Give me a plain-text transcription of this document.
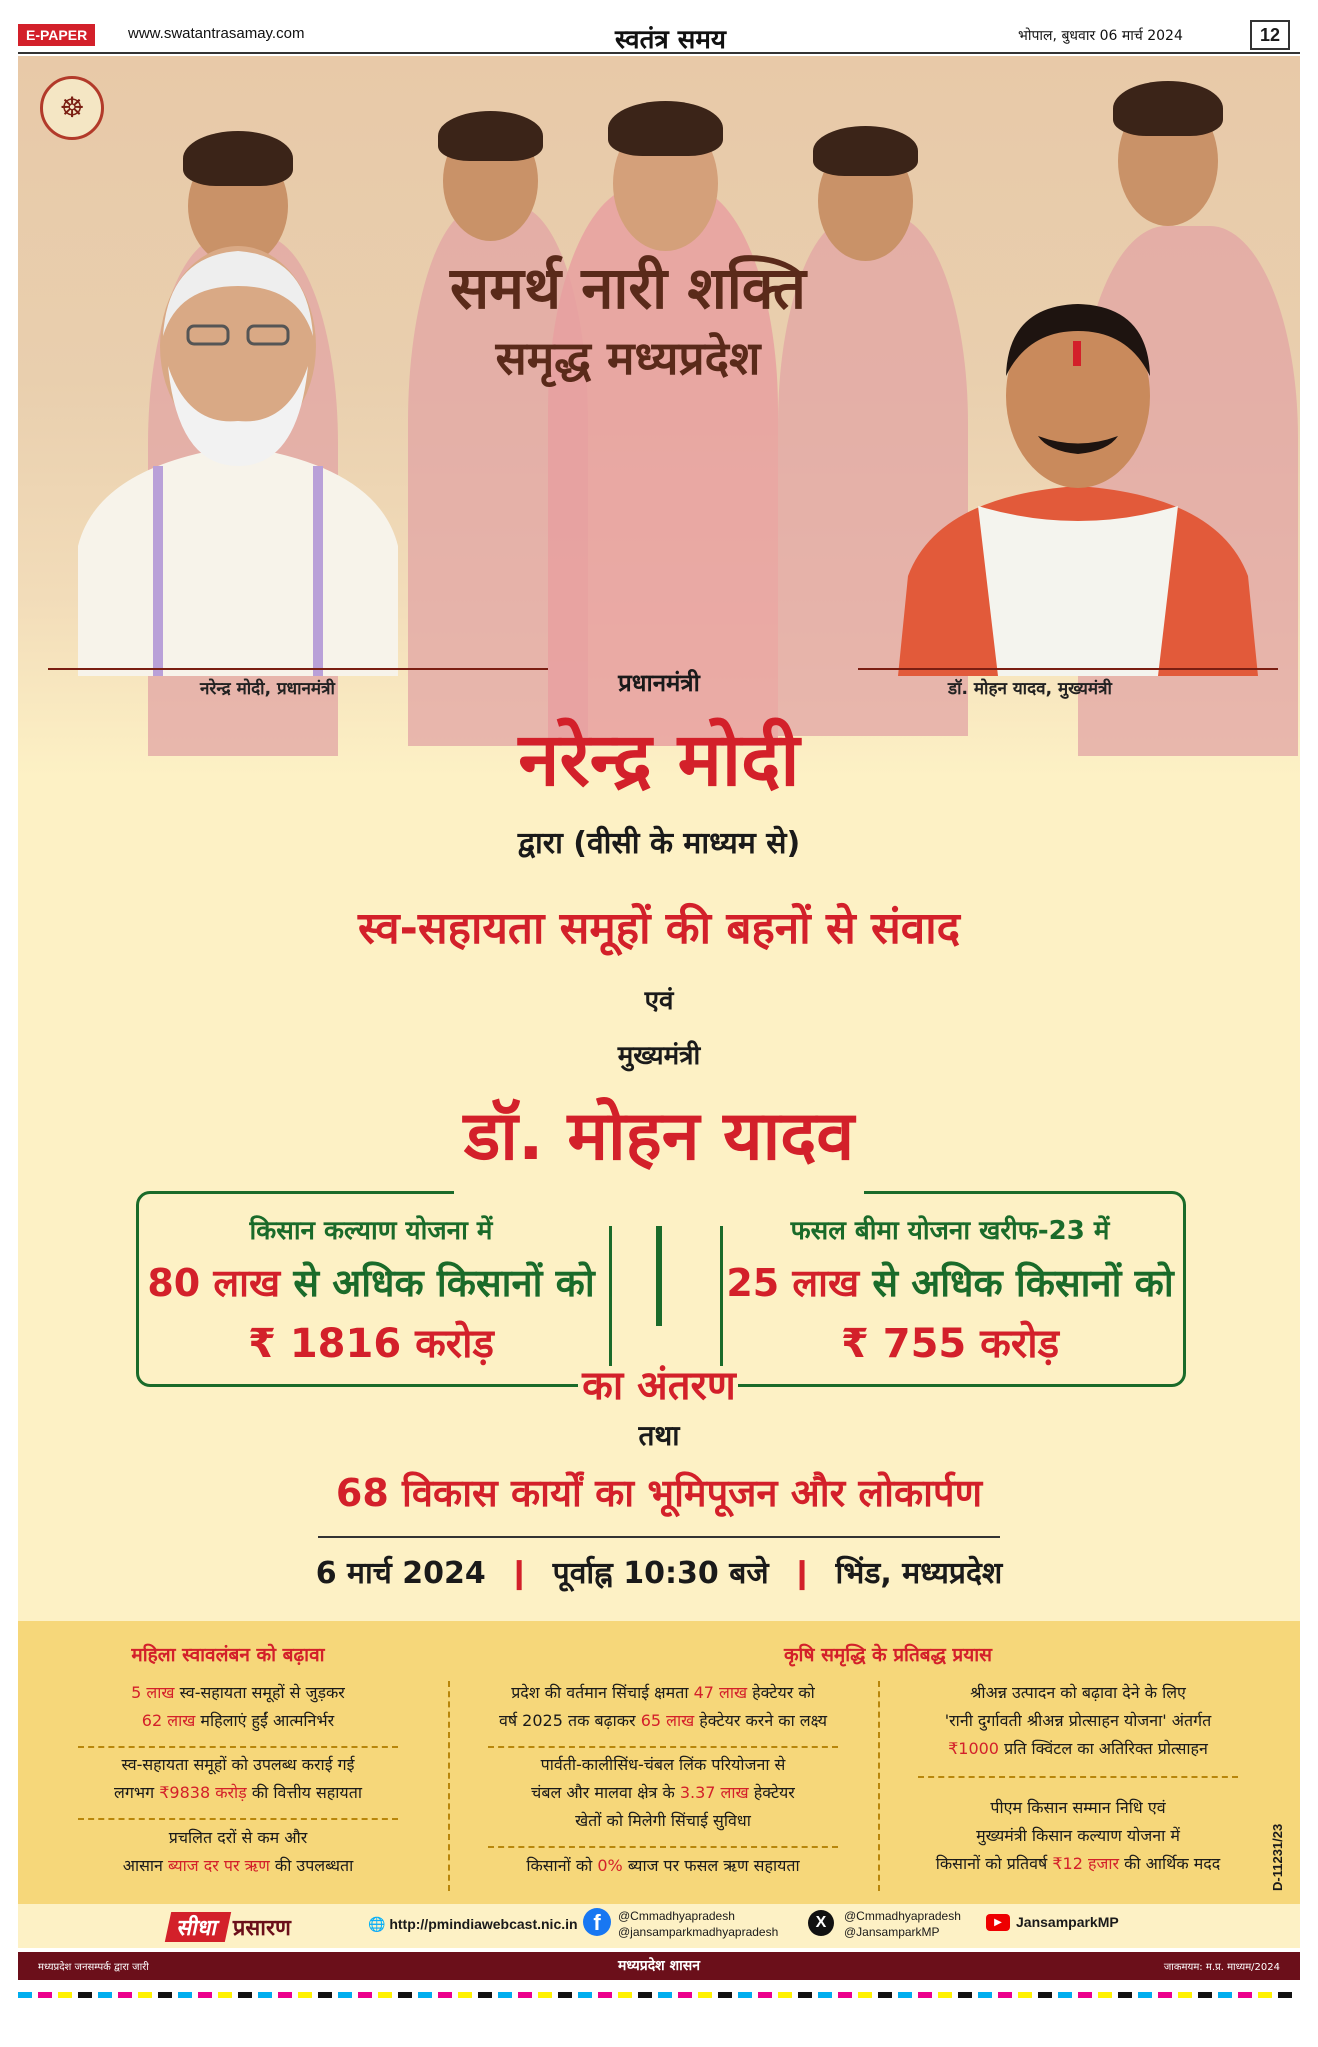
E-PAPER	www.swatantrasamay.com	स्वतंत्र समय	भोपाल, बुधवार 06 मार्च 2024	12
☸
समर्थ नारी शक्ति
समृद्ध मध्यप्रदेश
नरेन्द्र मोदी, प्रधानमंत्री	डॉ. मोहन यादव, मुख्यमंत्री
प्रधानमंत्री
नरेन्द्र मोदी
द्वारा (वीसी के माध्यम से)
स्व-सहायता समूहों की बहनों से संवाद
एवं
मुख्यमंत्री
डॉ. मोहन यादव
किसान कल्याण योजना में
80 लाख से अधिक किसानों को
₹ 1816 करोड़
फसल बीमा योजना खरीफ-23 में
25 लाख से अधिक किसानों को
₹ 755 करोड़
का अंतरण
तथा
68 विकास कार्यों का भूमिपूजन और लोकार्पण
6 मार्च 2024  ❙  पूर्वाह्न 10:30 बजे  ❙  भिंड, मध्यप्रदेश
महिला स्वावलंबन को बढ़ावा	कृषि समृद्धि के प्रतिबद्ध प्रयास
5 लाख स्व-सहायता समूहों से जुड़कर
62 लाख महिलाएं हुईं आत्मनिर्भर
स्व-सहायता समूहों को उपलब्ध कराई गई
लगभग ₹9838 करोड़ की वित्तीय सहायता
प्रचलित दरों से कम और
आसान ब्याज दर पर ऋण की उपलब्धता
प्रदेश की वर्तमान सिंचाई क्षमता 47 लाख हेक्टेयर को
वर्ष 2025 तक बढ़ाकर 65 लाख हेक्टेयर करने का लक्ष्य
पार्वती-कालीसिंध-चंबल लिंक परियोजना से
चंबल और मालवा क्षेत्र के 3.37 लाख हेक्टेयर
खेतों को मिलेगी सिंचाई सुविधा
किसानों को 0% ब्याज पर फसल ऋण सहायता
श्रीअन्न उत्पादन को बढ़ावा देने के लिए
'रानी दुर्गावती श्रीअन्न प्रोत्साहन योजना' अंतर्गत
₹1000 प्रति क्विंटल का अतिरिक्त प्रोत्साहन
पीएम किसान सम्मान निधि एवं
मुख्यमंत्री किसान कल्याण योजना में
किसानों को प्रतिवर्ष ₹12 हजार की आर्थिक मदद	D-11231/23
सीधा प्रसारण	🌐 http://pmindiawebcast.nic.in f	@Cmmadhyapradesh
@jansamparkmadhyapradesh
X	@Cmmadhyapradesh
@JansamparkMP
▶	JansamparkMP
मध्यप्रदेश जनसम्पर्क द्वारा जारी	मध्यप्रदेश शासन	जाकमयम: म.प्र. माध्यम/2024
